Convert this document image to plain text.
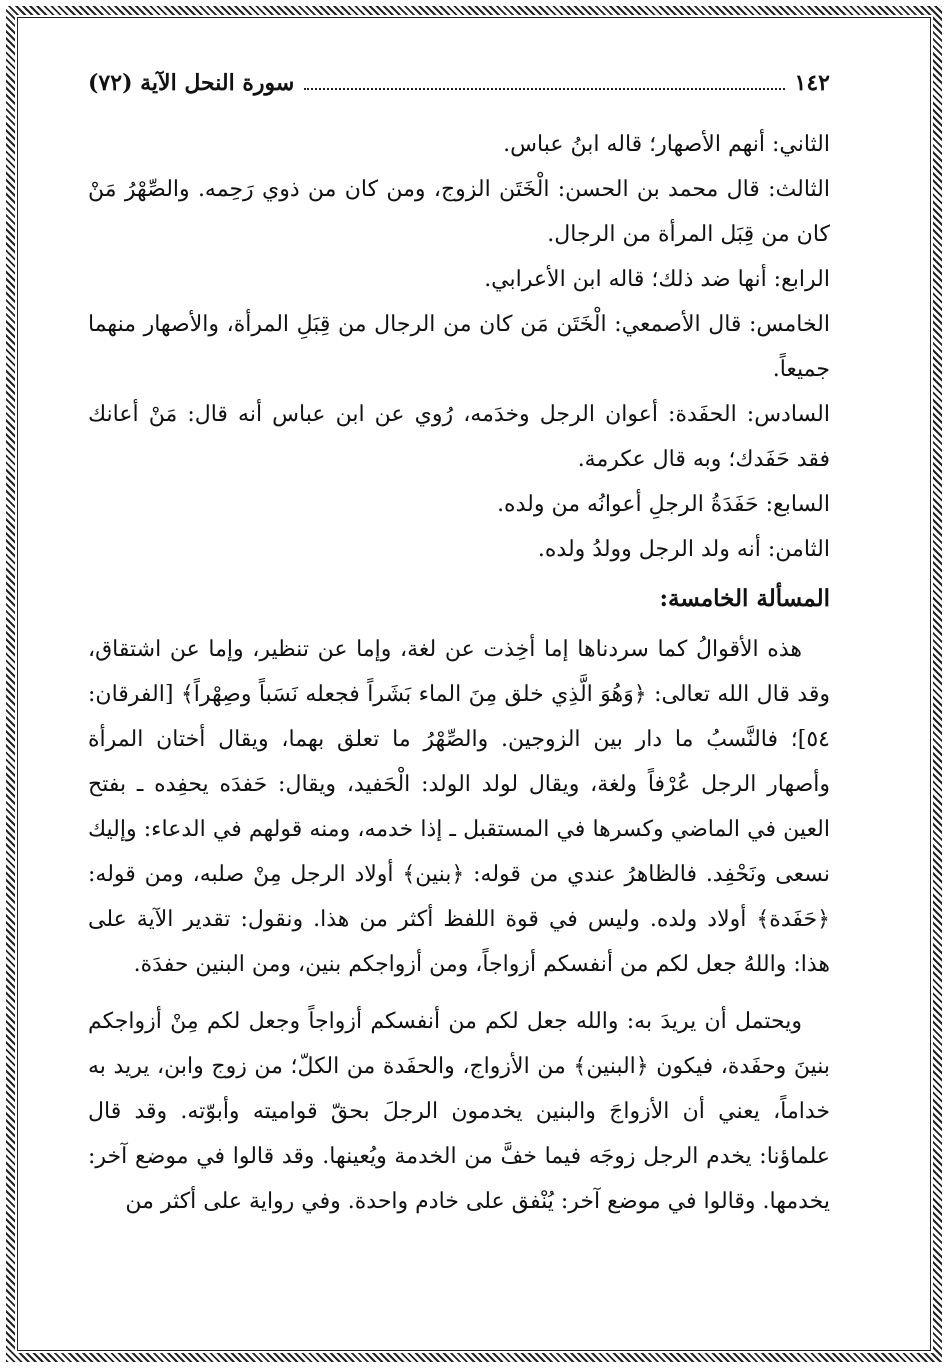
١٤٢
سورة النحل الآية (٧٢)

الثاني: أنهم الأصهار؛ قاله ابنُ عباس.

الثالث: قال محمد بن الحسن: الْخَتَن الزوج، ومن كان من ذوي رَحِمه. والصِّهْرُ مَنْ كان من قِبَل المرأة من الرجال.

الرابع: أنها ضد ذلك؛ قاله ابن الأعرابي.

الخامس: قال الأصمعي: الْخَتَن مَن كان من الرجال من قِبَلِ المرأة، والأصهار منهما جميعاً.

السادس: الحفَدة: أعوان الرجل وخدَمه، رُوي عن ابن عباس أنه قال: مَنْ أعانك فقد حَفَدك؛ وبه قال عكرمة.

السابع: حَفَدَةُ الرجلِ أعوانُه من ولده.

الثامن: أنه ولد الرجل وولدُ ولده.

المسألة الخامسة:

هذه الأقوالُ كما سردناها إما أخِذت عن لغة، وإما عن تنظير، وإما عن اشتقاق، وقد قال الله تعالى: ﴿وَهُوَ الَّذِي خلق مِنَ الماء بَشَراً فجعله نَسَباً وصِهْراً﴾ [الفرقان: ٥٤]؛ فالنَّسبُ ما دار بين الزوجين. والصِّهْرُ ما تعلق بهما، ويقال أختان المرأة وأصهار الرجل عُرْفاً ولغة، ويقال لولد الولد: الْحَفيد، ويقال: حَفدَه يحفِده ـ بفتح العين في الماضي وكسرها في المستقبل ـ إذا خدمه، ومنه قولهم في الدعاء: وإليك نسعى ونَحْفِد. فالظاهرُ عندي من قوله: ﴿بنين﴾ أولاد الرجل مِنْ صلبه، ومن قوله: ﴿حَفَدة﴾ أولاد ولده. وليس في قوة اللفظ أكثر من هذا. ونقول: تقدير الآية على هذا: واللهُ جعل لكم من أنفسكم أزواجاً، ومن أزواجكم بنين، ومن البنين حفدَة.

ويحتمل أن يريدَ به: والله جعل لكم من أنفسكم أزواجاً وجعل لكم مِنْ أزواجكم بنينَ وحفَدة، فيكون ﴿البنين﴾ من الأزواج، والحفَدة من الكلّ؛ من زوج وابن، يريد به خداماً، يعني أن الأزواجَ والبنين يخدمون الرجلَ بحقّ قواميته وأبوّته. وقد قال علماؤنا: يخدم الرجل زوجَه فيما خفَّ من الخدمة ويُعينها. وقد قالوا في موضع آخر: يخدمها. وقالوا في موضع آخر: يُنْفق على خادم واحدة. وفي رواية على أكثر من
